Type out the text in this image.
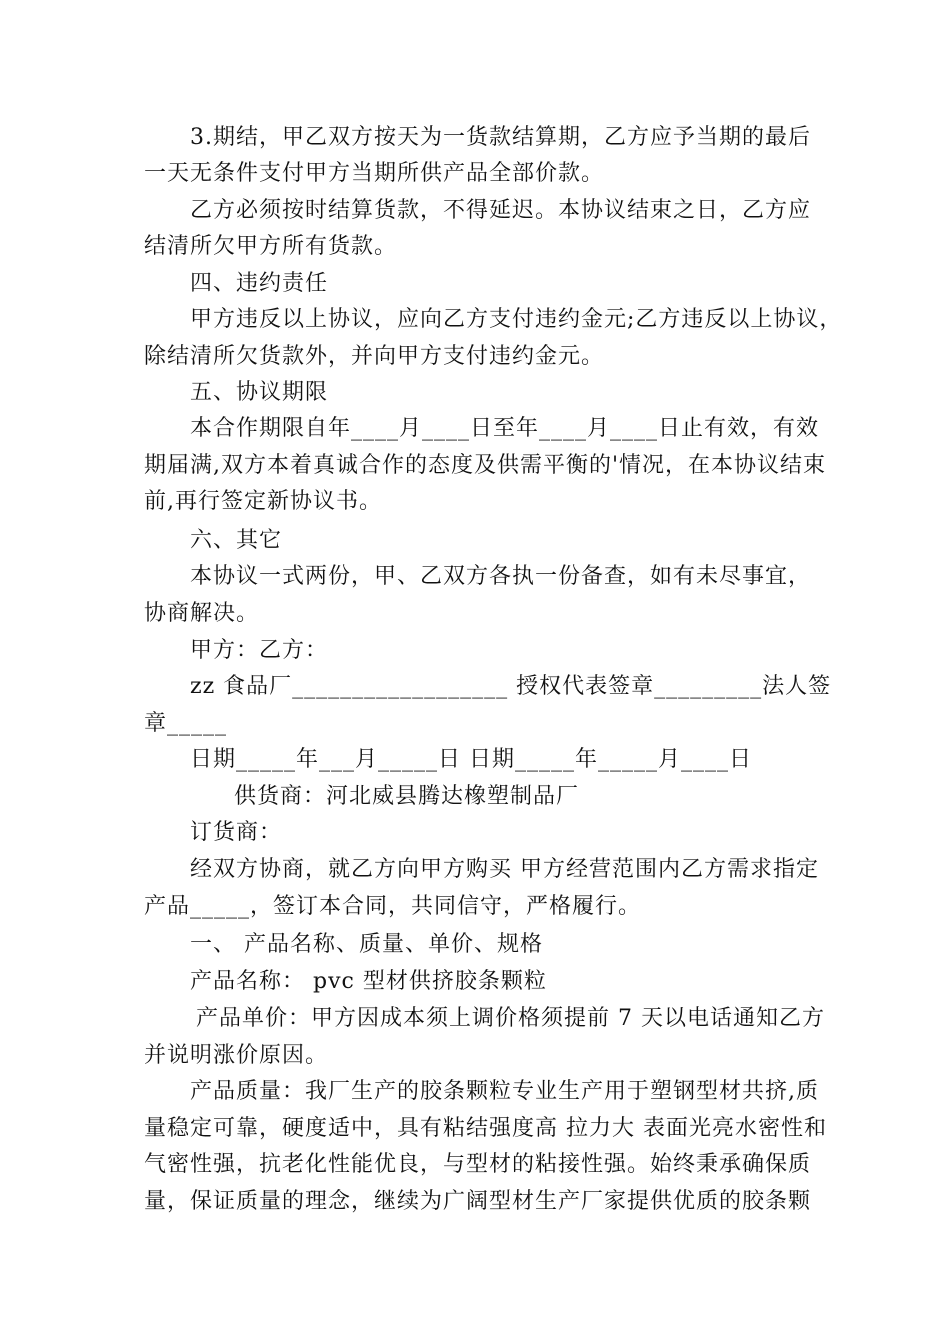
3.期结，甲乙双方按天为一货款结算期，乙方应予当期的最后
一天无条件支付甲方当期所供产品全部价款。
乙方必须按时结算货款，不得延迟。本协议结束之日，乙方应
结清所欠甲方所有货款。
四、违约责任
甲方违反以上协议，应向乙方支付违约金元;乙方违反以上协议，
除结清所欠货款外，并向甲方支付违约金元。
五、协议期限
本合作期限自年____月____日至年____月____日止有效，有效
期届满,双方本着真诚合作的态度及供需平衡的'情况，在本协议结束
前,再行签定新协议书。
六、其它
本协议一式两份，甲、乙双方各执一份备查，如有未尽事宜，
协商解决。
甲方：乙方：
zz 食品厂__________________ 授权代表签章_________法人签
章_____
日期_____年___月_____日 日期_____年_____月____日
供货商：河北威县腾达橡塑制品厂
订货商：
经双方协商，就乙方向甲方购买 甲方经营范围内乙方需求指定
产品_____，签订本合同，共同信守，严格履行。
一、 产品名称、质量、单价、规格
产品名称： pvc 型材供挤胶条颗粒
产品单价：甲方因成本须上调价格须提前 7 天以电话通知乙方
并说明涨价原因。
产品质量：我厂生产的胶条颗粒专业生产用于塑钢型材共挤,质
量稳定可靠，硬度适中，具有粘结强度高 拉力大 表面光亮水密性和
气密性强，抗老化性能优良，与型材的粘接性强。始终秉承确保质
量，保证质量的理念，继续为广阔型材生产厂家提供优质的胶条颗
